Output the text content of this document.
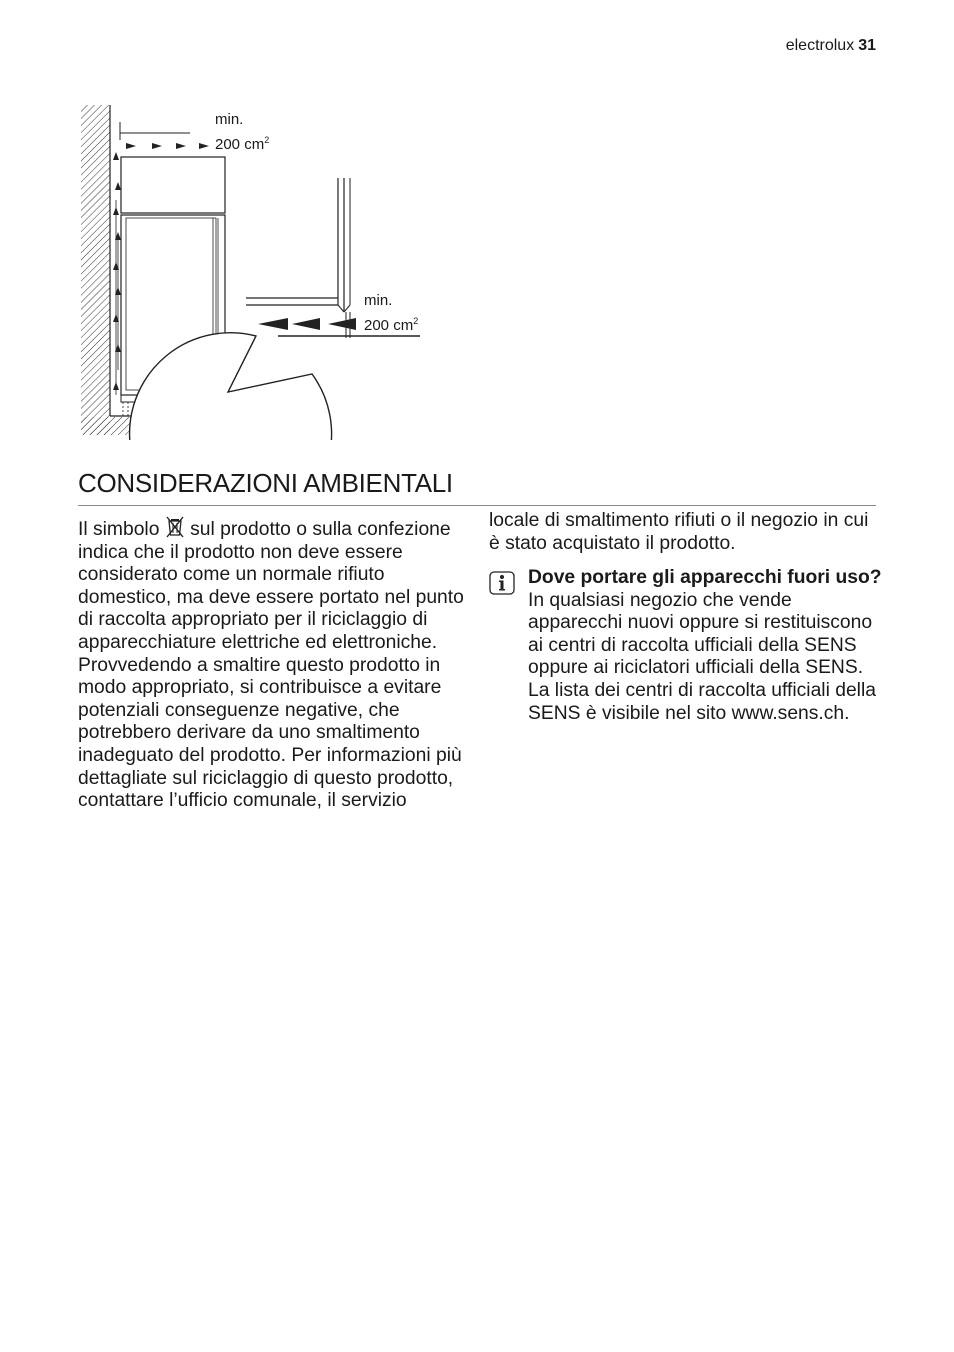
electrolux 31
min.
200 $cm^2$
min.
200 $cm^2$
CONSIDERAZIONI AMBIENTALI

Il simbolo  sul prodotto o sulla confezione indica che il prodotto non deve essere considerato come un normale rifiuto domestico, ma deve essere portato nel punto di raccolta appropriato per il riciclaggio di apparecchiature elettriche ed elettroniche. Provvedendo a smaltire questo prodotto in modo appropriato, si contribuisce a evitare potenziali conseguenze negative, che potrebbero derivare da uno smaltimento inadeguato del prodotto. Per informazioni più dettagliate sul riciclaggio di questo prodotto, contattare l’ufficio comunale, il servizio

locale di smaltimento rifiuti o il negozio in cui è stato acquistato il prodotto.

Dove portare gli apparecchi fuori uso?
In qualsiasi negozio che vende apparecchi nuovi oppure si restituiscono ai centri di raccolta ufficiali della SENS oppure ai riciclatori ufficiali della SENS.
La lista dei centri di raccolta ufficiali della SENS è visibile nel sito www.sens.ch.
